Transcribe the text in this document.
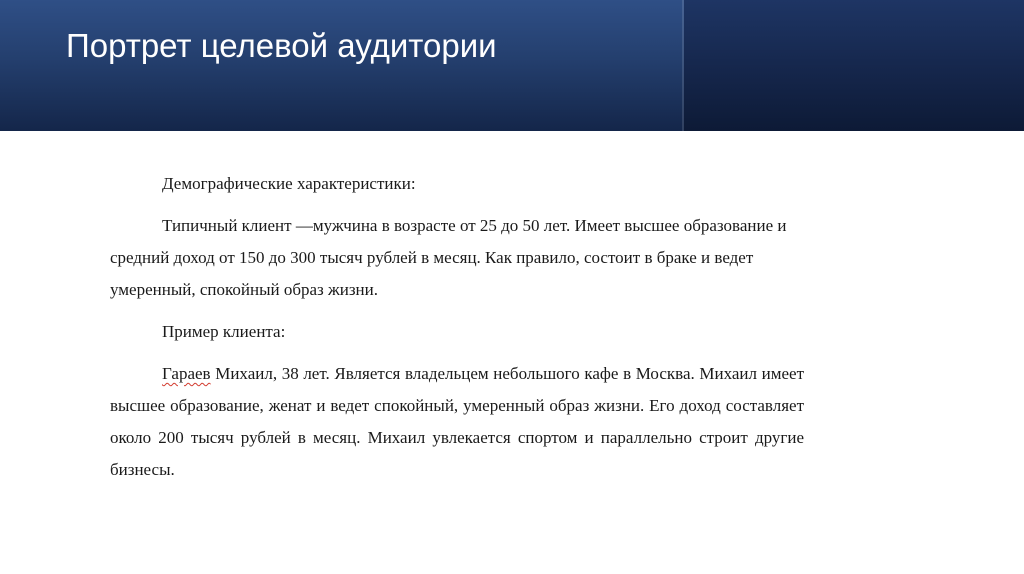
Портрет целевой аудитории

Демографические характеристики:

Типичный клиент —мужчина в возрасте от 25 до 50 лет. Имеет высшее образование и средний доход от 150 до 300 тысяч рублей в месяц. Как правило, состоит в браке и ведет умеренный, спокойный образ жизни.

Пример клиента:

Гараев Михаил, 38 лет. Является владельцем небольшого кафе в Москва. Михаил имеет высшее образование, женат и ведет спокойный, умеренный образ жизни. Его доход составляет около 200 тысяч рублей в месяц. Михаил увлекается спортом и параллельно строит другие бизнесы.
